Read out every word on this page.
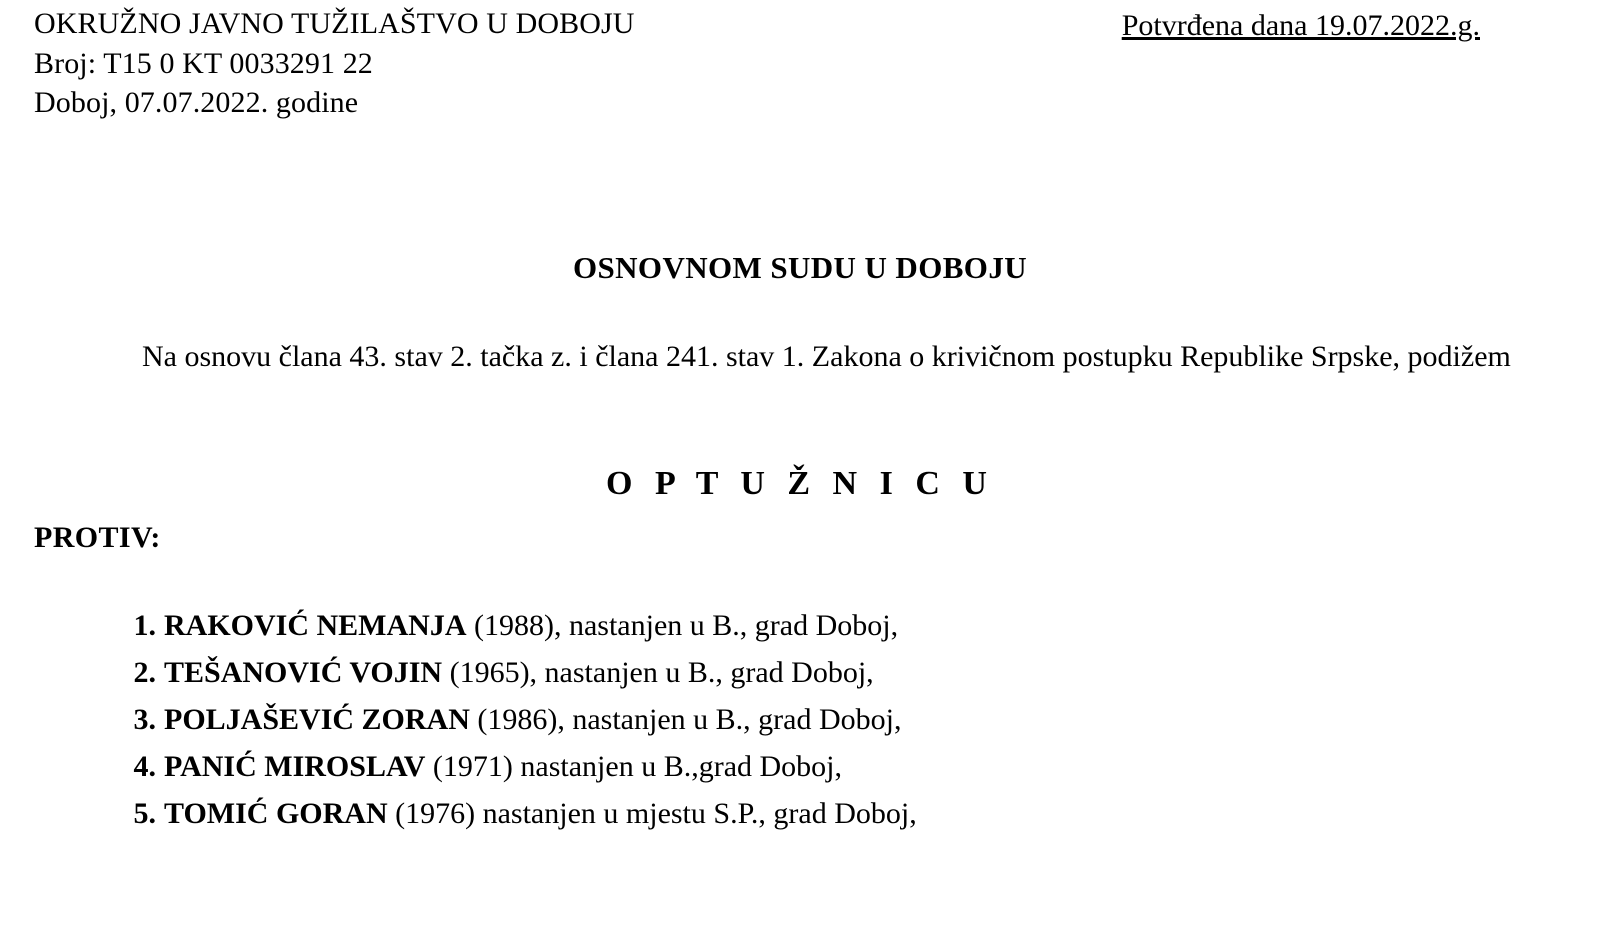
OKRUŽNO JAVNO TUŽILAŠTVO U DOBOJU
Broj: T15 0 KT 0033291 22
Doboj, 07.07.2022. godine
Potvrđena dana 19.07.2022.g.
OSNOVNOM SUDU U DOBOJU
Na osnovu člana 43. stav 2. tačka z. i člana 241. stav 1. Zakona o krivičnom postupku Republike Srpske, podižem
O P T U Ž N I C U
PROTIV:
1. RAKOVIĆ NEMANJA (1988), nastanjen u B., grad Doboj,
2. TEŠANOVIĆ VOJIN (1965), nastanjen u B., grad Doboj,
3. POLJAŠEVIĆ ZORAN (1986), nastanjen u B., grad Doboj,
4. PANIĆ MIROSLAV (1971) nastanjen u B.,grad Doboj,
5. TOMIĆ GORAN (1976) nastanjen u mjestu S.P., grad Doboj,
